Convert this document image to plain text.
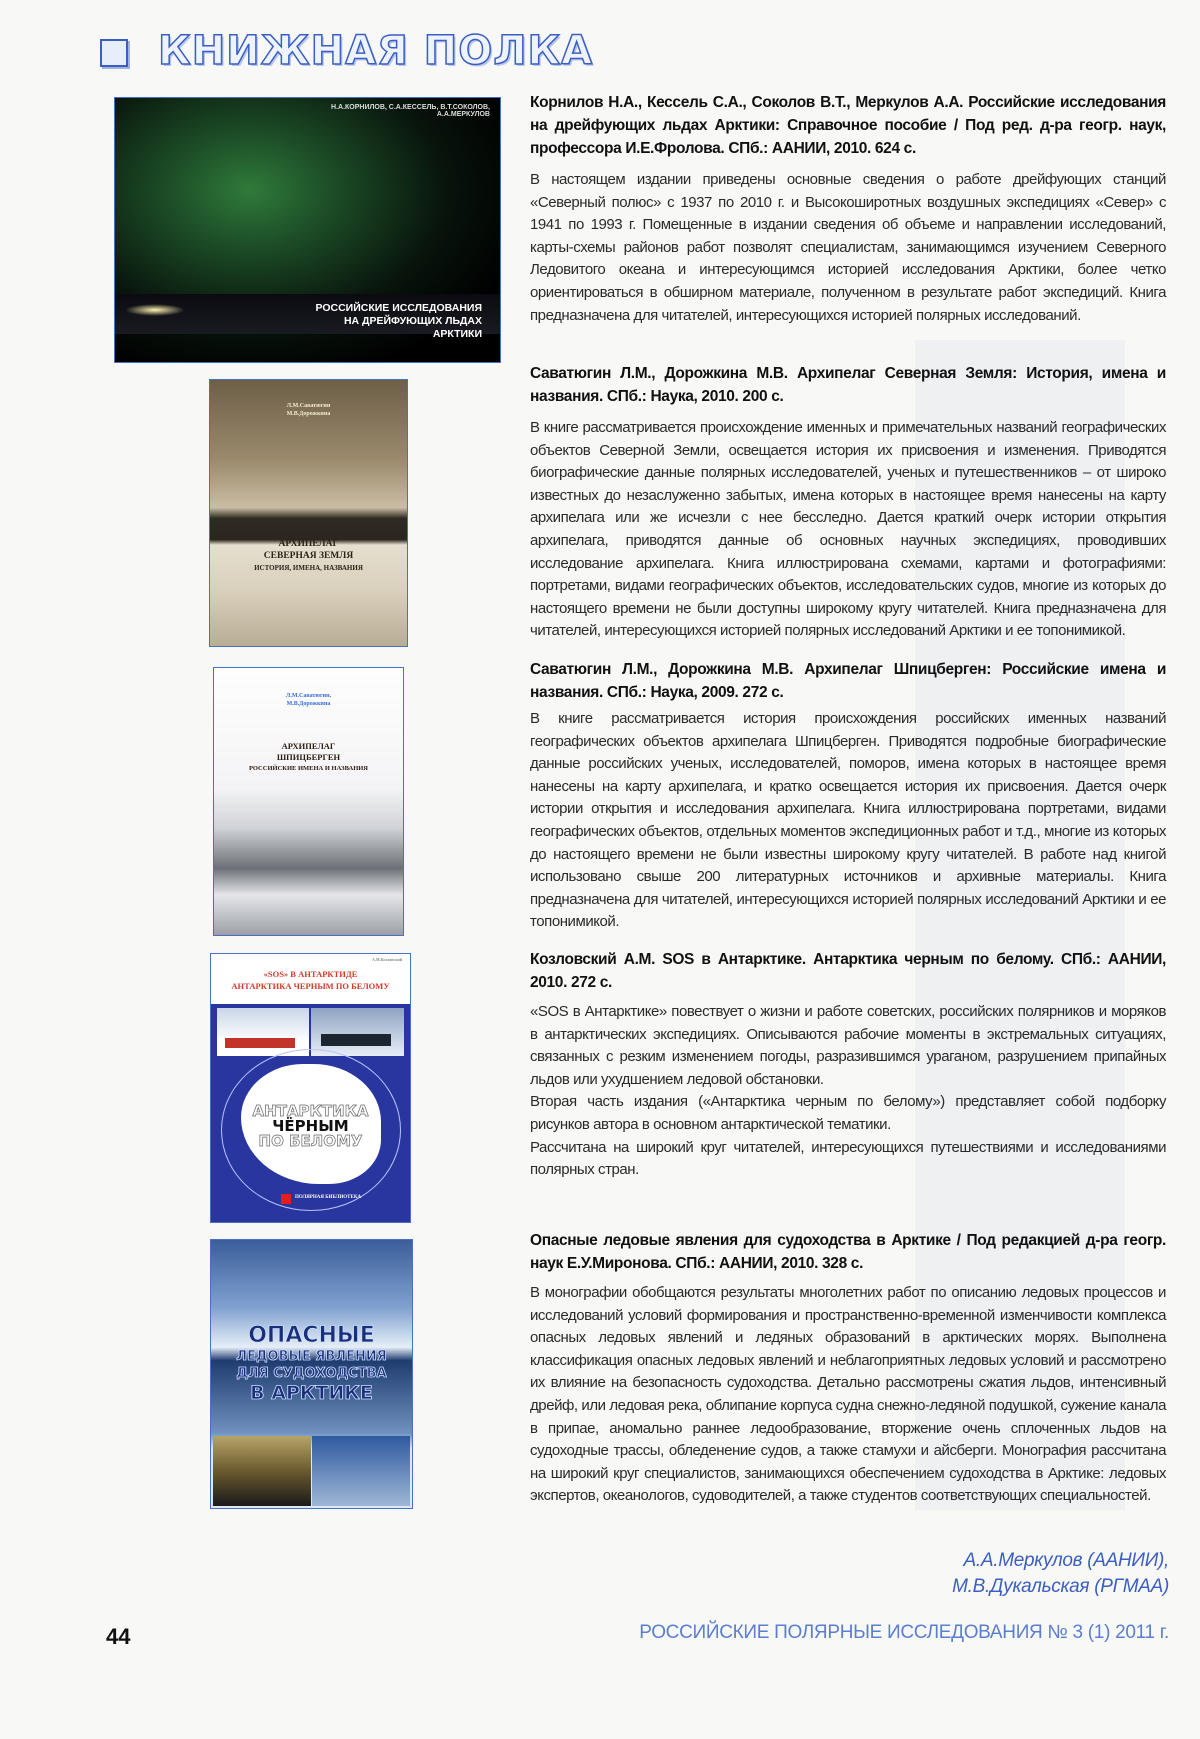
КНИЖНАЯ ПОЛКА
Н.А.КОРНИЛОВ, С.А.КЕССЕЛЬ, В.Т.СОКОЛОВ,
А.А.МЕРКУЛОВ
РОССИЙСКИЕ ИССЛЕДОВАНИЯ
НА ДРЕЙФУЮЩИХ ЛЬДАХ
АРКТИКИ
Л.М.Саватюгин
М.В.Дорожкина
АРХИПЕЛАГ
СЕВЕРНАЯ ЗЕМЛЯ
ИСТОРИЯ, ИМЕНА, НАЗВАНИЯ
Л.М.Саватюгин,
М.В.Дорожкина
АРХИПЕЛАГ
ШПИЦБЕРГЕН
РОССИЙСКИЕ ИМЕНА И НАЗВАНИЯ
А.М.Козловский
«SOS» В АНТАРКТИДЕ
АНТАРКТИКА ЧЕРНЫМ ПО БЕЛОМУ
АНТАРКТИКА
ЧЁРНЫМ
ПО БЕЛОМУ
ПОЛЯРНАЯ БИБЛИОТЕКА
ОПАСНЫЕ
ЛЕДОВЫЕ ЯВЛЕНИЯ
ДЛЯ СУДОХОДСТВА
В АРКТИКЕ

Корнилов Н.А., Кессель С.А., Соколов В.Т., Меркулов А.А. Российские исследования на дрейфующих льдах Арктики: Справочное пособие / Под ред. д-ра геогр. наук, профессора И.Е.Фролова. СПб.: ААНИИ, 2010. 624 с.

В настоящем издании приведены основные сведения о работе дрейфующих станций «Северный полюс» с 1937 по 2010 г. и Высокоширотных воздушных экспедициях «Север» с 1941 по 1993 г. Помещенные в издании сведения об объеме и направлении исследований, карты-схемы районов работ позволят специалистам, занимающимся изучением Северного Ледовитого океана и интересующимся историей исследования Арктики, более четко ориентироваться в обширном материале, полученном в результате работ экспедиций. Книга предназначена для читателей, интересующихся историей полярных исследований.

Саватюгин Л.М., Дорожкина М.В. Архипелаг Северная Земля: История, имена и названия. СПб.: Наука, 2010. 200 с.

В книге рассматривается происхождение именных и примечательных названий географических объектов Северной Земли, освещается история их присвоения и изменения. Приводятся биографические данные полярных исследователей, ученых и путешественников – от широко известных до незаслуженно забытых, имена которых в настоящее время нанесены на карту архипелага или же исчезли с нее бесследно. Дается краткий очерк истории открытия архипелага, приводятся данные об основных научных экспедициях, проводивших исследование архипелага. Книга иллюстрирована схемами, картами и фотографиями: портретами, видами географических объектов, исследовательских судов, многие из которых до настоящего времени не были доступны широкому кругу читателей. Книга предназначена для читателей, интересующихся историей полярных исследований Арктики и ее топонимикой.

Саватюгин Л.М., Дорожкина М.В. Архипелаг Шпицберген: Российские имена и названия. СПб.: Наука, 2009. 272 с.

В книге рассматривается история происхождения российских именных названий географических объектов архипелага Шпицберген. Приводятся подробные биографические данные российских ученых, исследователей, поморов, имена которых в настоящее время нанесены на карту архипелага, и кратко освещается история их присвоения. Дается очерк истории открытия и исследования архипелага. Книга иллюстрирована портретами, видами географических объектов, отдельных моментов экспедиционных работ и т.д., многие из которых до настоящего времени не были известны широкому кругу читателей. В работе над книгой использовано свыше 200 литературных источников и архивные материалы. Книга предназначена для читателей, интересующихся историей полярных исследований Арктики и ее топонимикой.

Козловский А.М. SOS в Антарктике. Антарктика черным по белому. СПб.: ААНИИ, 2010. 272 с.

«SOS в Антарктике» повествует о жизни и работе советских, российских полярников и моряков в антарктических экспедициях. Описываются рабочие моменты в экстремальных ситуациях, связанных с резким изменением погоды, разразившимся ураганом, разрушением припайных льдов или ухудшением ледовой обстановки.

Вторая часть издания («Антарктика черным по белому») представляет собой подборку рисунков автора в основном антарктической тематики.

Рассчитана на широкий круг читателей, интересующихся путешествиями и исследованиями полярных стран.

Опасные ледовые явления для судоходства в Арктике / Под редакцией д-ра геогр. наук Е.У.Миронова. СПб.: ААНИИ, 2010. 328 с.

В монографии обобщаются результаты многолетних работ по описанию ледовых процессов и исследований условий формирования и пространственно-временной изменчивости комплекса опасных ледовых явлений и ледяных образований в арктических морях. Выполнена классификация опасных ледовых явлений и неблагоприятных ледовых условий и рассмотрено их влияние на безопасность судоходства. Детально рассмотрены сжатия льдов, интенсивный дрейф, или ледовая река, облипание корпуса судна снежно-ледяной подушкой, сужение канала в припае, аномально раннее ледообразование, вторжение очень сплоченных льдов на судоходные трассы, обледенение судов, а также стамухи и айсберги. Монография рассчитана на широкий круг специалистов, занимающихся обеспечением судоходства в Арктике: ледовых экспертов, океанологов, судоводителей, а также студентов соответствующих специальностей.

А.А.Меркулов (ААНИИ),
М.В.Дукальская (РГМАА)
44	РОССИЙСКИЕ ПОЛЯРНЫЕ ИССЛЕДОВАНИЯ № 3 (1) 2011 г.
